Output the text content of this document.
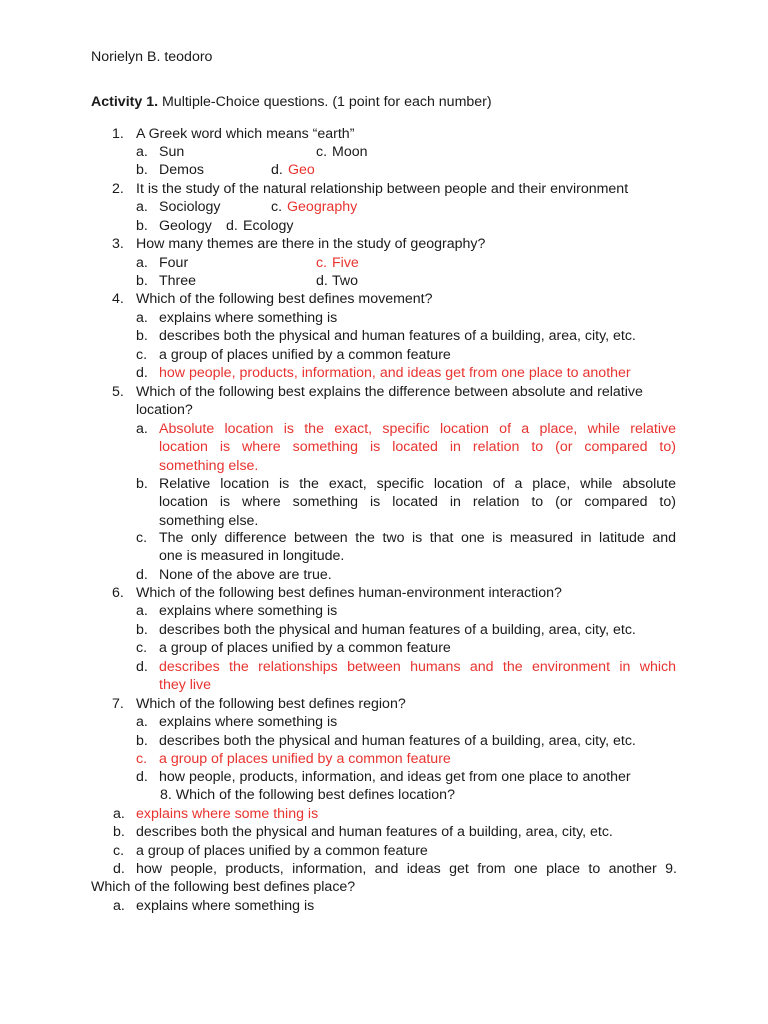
Norielyn B. teodoro
Activity 1. Multiple-Choice questions. (1 point for each number)
1. A Greek word which means “earth”
a. Sun	c. Moon
b. Demos	d. Geo
2. It is the study of the natural relationship between people and their environment
a. Sociology	c. Geography
b. Geology d. Ecology
3. How many themes are there in the study of geography?
a. Four	c. Five
b. Three	d. Two
4. Which of the following best defines movement?
a. explains where something is
b. describes both the physical and human features of a building, area, city, etc.
c. a group of places unified by a common feature
d. how people, products, information, and ideas get from one place to another
5. Which of the following best explains the difference between absolute and relative
location?
a. Absolute location is the exact, specific location of a place, while relative
location is where something is located in relation to (or compared to)
something else.
b. Relative location is the exact, specific location of a place, while absolute
location is where something is located in relation to (or compared to)
something else.
c. The only difference between the two is that one is measured in latitude and
one is measured in longitude.
d. None of the above are true.
6. Which of the following best defines human-environment interaction?
a. explains where something is
b. describes both the physical and human features of a building, area, city, etc.
c. a group of places unified by a common feature
d. describes the relationships between humans and the environment in which
they live
7. Which of the following best defines region?
a. explains where something is
b. describes both the physical and human features of a building, area, city, etc.
c. a group of places unified by a common feature
d. how people, products, information, and ideas get from one place to another
8. Which of the following best defines location?
a. explains where some thing is
b. describes both the physical and human features of a building, area, city, etc.
c. a group of places unified by a common feature
d. how people, products, information, and ideas get from one place to another 9.
Which of the following best defines place?
a. explains where something is
